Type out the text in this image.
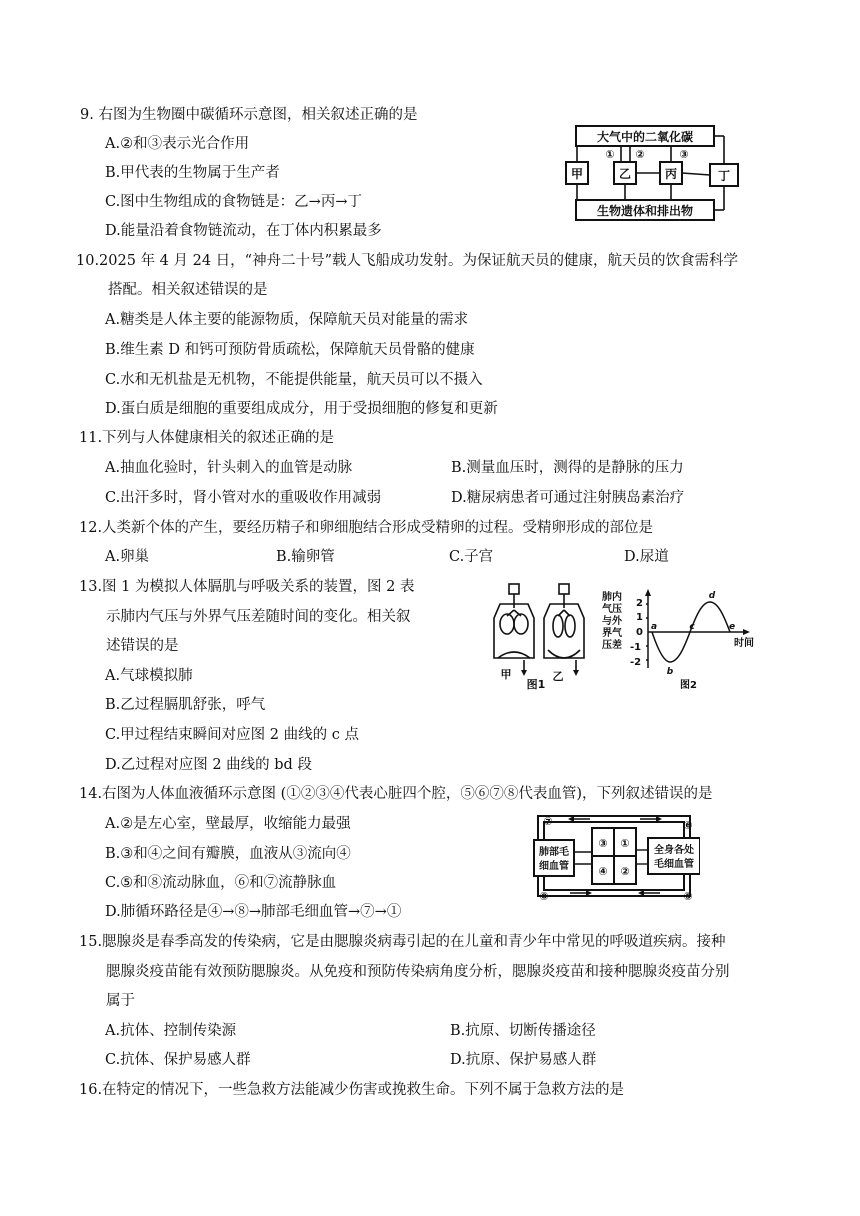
9. 右图为生物圈中碳循环示意图，相关叙述正确的是
A.②和③表示光合作用
B.甲代表的生物属于生产者
C.图中生物组成的食物链是：乙→丙→丁
D.能量沿着食物链流动，在丁体内积累最多
大气中的二氧化碳
生物遗体和排出物
甲	乙	丙	丁
① ②	③
10.2025 年 4 月 24 日，“神舟二十号”载人飞船成功发射。为保证航天员的健康，航天员的饮食需科学
搭配。相关叙述错误的是
A.糖类是人体主要的能源物质，保障航天员对能量的需求
B.维生素 D 和钙可预防骨质疏松，保障航天员骨骼的健康
C.水和无机盐是无机物，不能提供能量，航天员可以不摄入
D.蛋白质是细胞的重要组成成分，用于受损细胞的修复和更新
11.下列与人体健康相关的叙述正确的是
A.抽血化验时，针头刺入的血管是动脉	B.测量血压时，测得的是静脉的压力
C.出汗多时，肾小管对水的重吸收作用减弱	D.糖尿病患者可通过注射胰岛素治疗
12.人类新个体的产生，要经历精子和卵细胞结合形成受精卵的过程。受精卵形成的部位是
A.卵巢	B.输卵管	C.子宫	D.尿道
13.图 1 为模拟人体膈肌与呼吸关系的装置，图 2 表
示肺内气压与外界气压差随时间的变化。相关叙
述错误的是
A.气球模拟肺
B.乙过程膈肌舒张，呼气
C.甲过程结束瞬间对应图 2 曲线的 c 点
D.乙过程对应图 2 曲线的 bd 段
甲	乙
图1
肺内
气压
与外
界气
压差
2
1
0
-1
-2
时间
图2
a
b
c
d
e
14.右图为人体血液循环示意图 (①②③④代表心脏四个腔，⑤⑥⑦⑧代表血管)，下列叙述错误的是
A.②是左心室，壁最厚，收缩能力最强
B.③和④之间有瓣膜，血液从③流向④
C.⑤和⑧流动脉血，⑥和⑦流静脉血
D.肺循环路径是④→⑧→肺部毛细血管→⑦→①
肺部毛
细血管
全身各处
毛细血管
③ ①
④ ②
⑦	⑥
⑧	⑤
15.腮腺炎是春季高发的传染病，它是由腮腺炎病毒引起的在儿童和青少年中常见的呼吸道疾病。接种
腮腺炎疫苗能有效预防腮腺炎。从免疫和预防传染病角度分析，腮腺炎疫苗和接种腮腺炎疫苗分别
属于
A.抗体、控制传染源	B.抗原、切断传播途径
C.抗体、保护易感人群	D.抗原、保护易感人群
16.在特定的情况下，一些急救方法能减少伤害或挽救生命。下列不属于急救方法的是
